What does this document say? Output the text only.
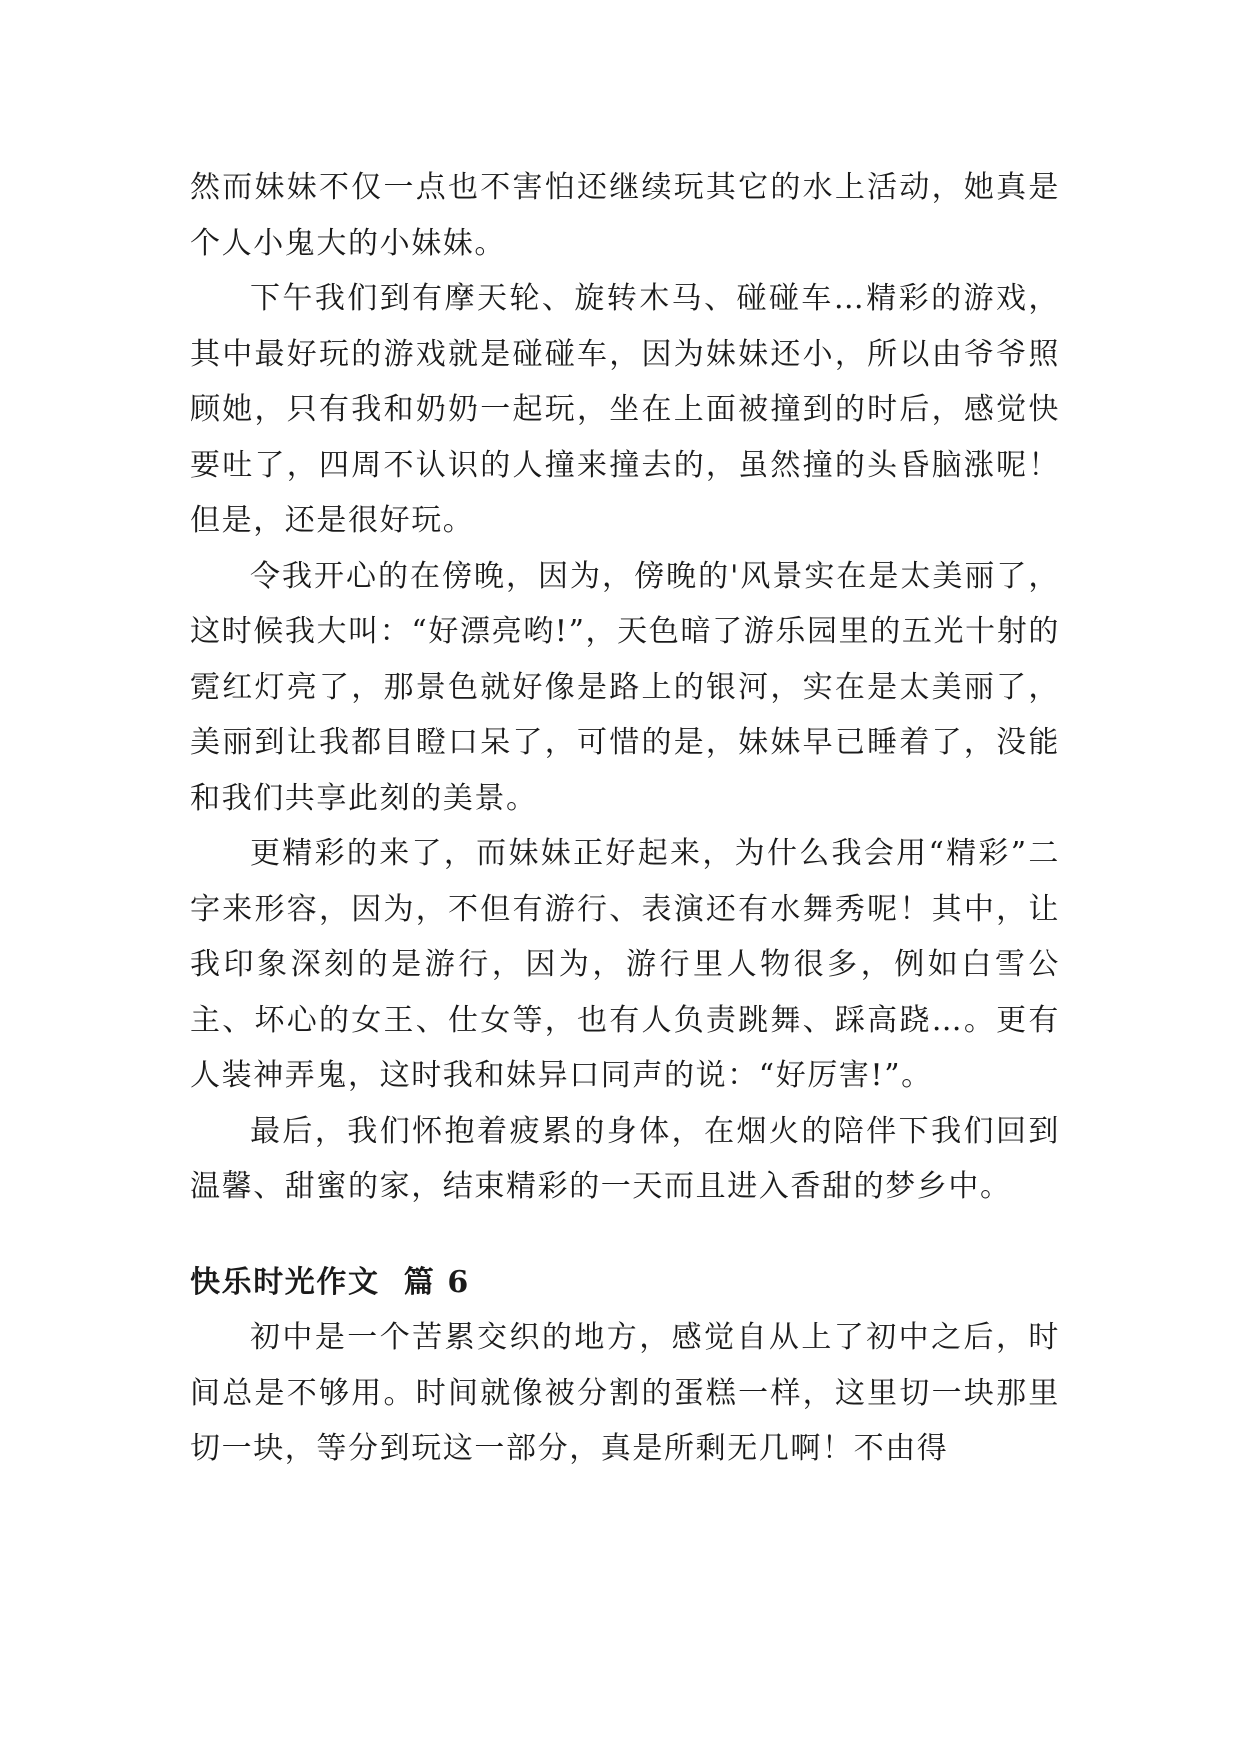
然而妹妹不仅一点也不害怕还继续玩其它的水上活动，她真是个人小鬼大的小妹妹。

下午我们到有摩天轮、旋转木马、碰碰车…精彩的游戏，其中最好玩的游戏就是碰碰车，因为妹妹还小，所以由爷爷照顾她，只有我和奶奶一起玩，坐在上面被撞到的时后，感觉快要吐了，四周不认识的人撞来撞去的，虽然撞的头昏脑涨呢！但是，还是很好玩。

令我开心的在傍晚，因为，傍晚的'风景实在是太美丽了，这时候我大叫：“好漂亮哟!”，天色暗了游乐园里的五光十射的霓红灯亮了，那景色就好像是路上的银河，实在是太美丽了，美丽到让我都目瞪口呆了，可惜的是，妹妹早已睡着了，没能和我们共享此刻的美景。

更精彩的来了，而妹妹正好起来，为什么我会用“精彩”二字来形容，因为，不但有游行、表演还有水舞秀呢！其中，让我印象深刻的是游行，因为，游行里人物很多，例如白雪公主、坏心的女王、仕女等，也有人负责跳舞、踩高跷…。更有人装神弄鬼，这时我和妹异口同声的说：“好厉害!”。

最后，我们怀抱着疲累的身体，在烟火的陪伴下我们回到温馨、甜蜜的家，结束精彩的一天而且进入香甜的梦乡中。

快乐时光作文  篇 6

初中是一个苦累交织的地方，感觉自从上了初中之后，时间总是不够用。时间就像被分割的蛋糕一样，这里切一块那里切一块，等分到玩这一部分，真是所剩无几啊！不由得
